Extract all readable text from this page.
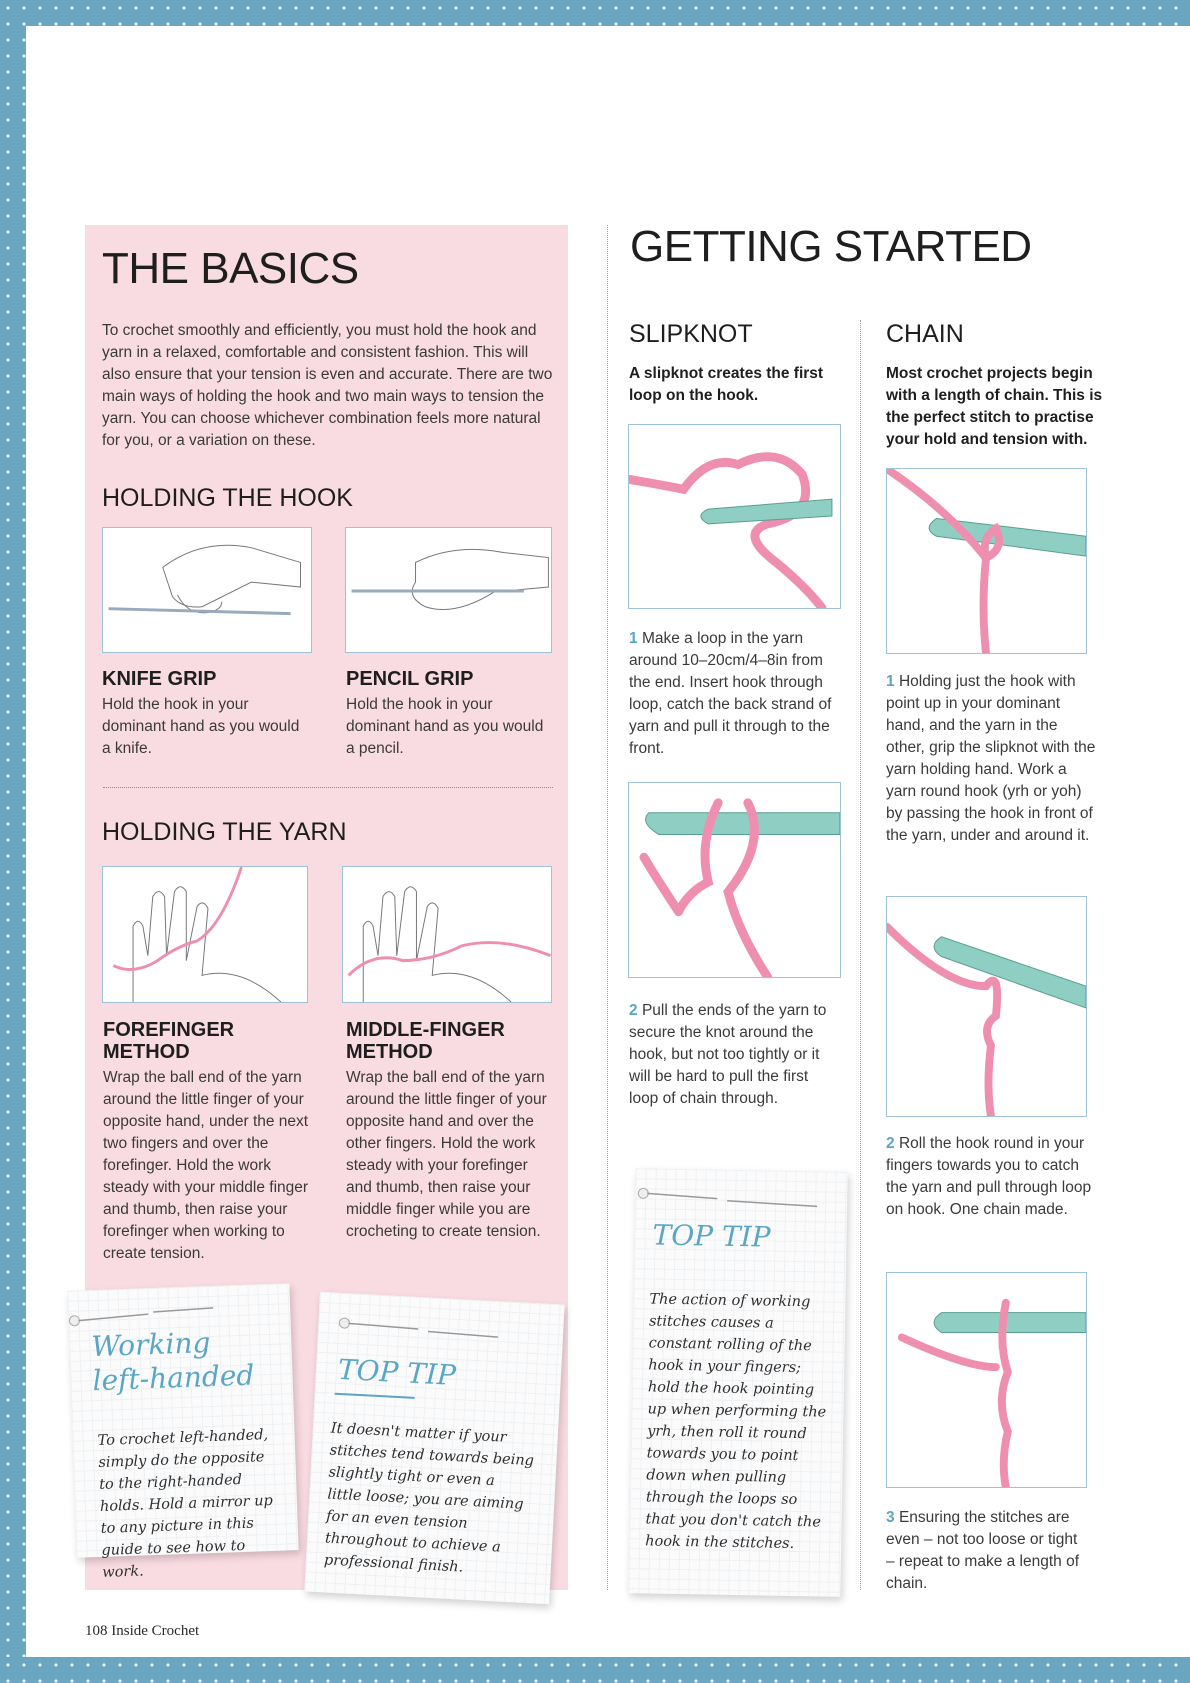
THE BASICS

To crochet smoothly and efficiently, you must hold the hook and yarn in a relaxed, comfortable and consistent fashion. This will also ensure that your tension is even and accurate. There are two main ways of holding the hook and two main ways to tension the yarn. You can choose whichever combination feels more natural for you, or a variation on these.

HOLDING THE HOOK
KNIFE GRIP

Hold the hook in your dominant hand as you would a knife.

PENCIL GRIP

Hold the hook in your dominant hand as you would a pencil.

HOLDING THE YARN
FOREFINGER METHOD

Wrap the ball end of the yarn around the little finger of your opposite hand, under the next two fingers and over the forefinger. Hold the work steady with your middle finger and thumb, then raise your forefinger when working to create tension.

MIDDLE-FINGER METHOD

Wrap the ball end of the yarn around the little finger of your opposite hand and over the other fingers. Hold the work steady with your forefinger and thumb, then raise your middle finger while you are crocheting to create tension.

Working
left-handed
To crochet left-handed, simply do the opposite to the right-handed holds. Hold a mirror up to any picture in this guide to see how to work.
TOP TIP
It doesn't matter if your stitches tend towards being slightly tight or even a little loose; you are aiming for an even tension throughout to achieve a professional finish.
TOP TIP
The action of working stitches causes a constant rolling of the hook in your fingers; hold the hook pointing up when performing the yrh, then roll it round towards you to point down when pulling through the loops so that you don't catch the hook in the stitches.
GETTING STARTED
SLIPKNOT

A slipknot creates the first loop on the hook.

1 Make a loop in the yarn around 10–20cm/4–8in from the end. Insert hook through loop, catch the back strand of yarn and pull it through to the front.

2 Pull the ends of the yarn to secure the knot around the hook, but not too tightly or it will be hard to pull the first loop of chain through.

CHAIN

Most crochet projects begin with a length of chain. This is the perfect stitch to practise your hold and tension with.

1 Holding just the hook with point up in your dominant hand, and the yarn in the other, grip the slipknot with the yarn holding hand. Work a yarn round hook (yrh or yoh) by passing the hook in front of the yarn, under and around it.

2 Roll the hook round in your fingers towards you to catch the yarn and pull through loop on hook. One chain made.

3 Ensuring the stitches are even – not too loose or tight – repeat to make a length of chain.

108 Inside Crochet
